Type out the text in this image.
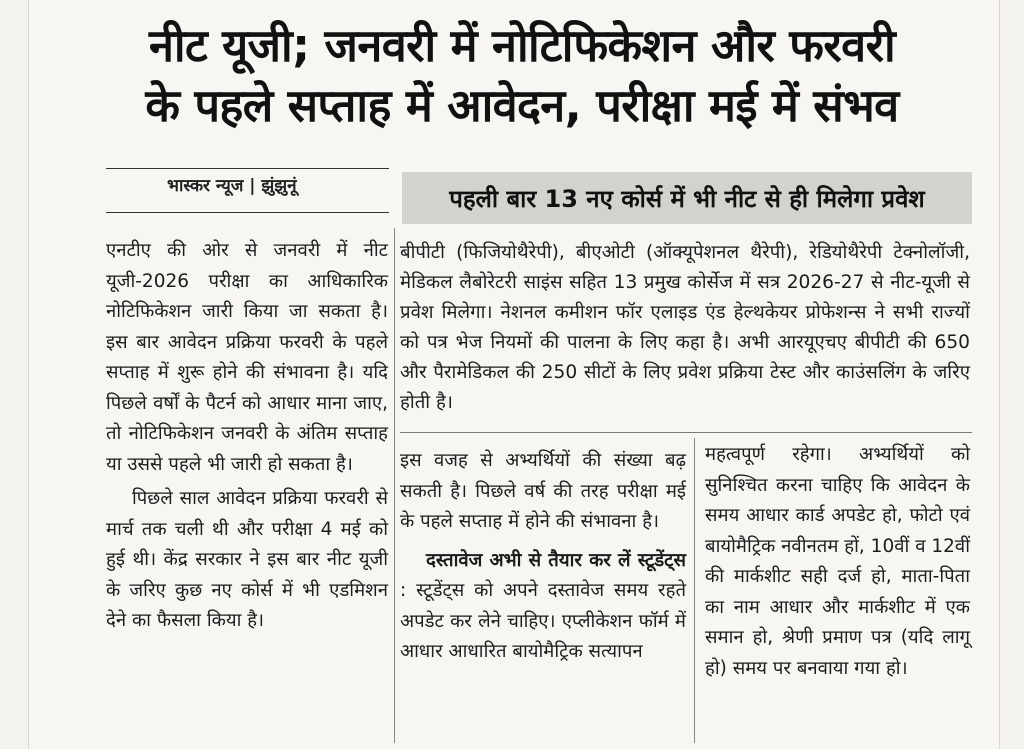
नीट यूजी; जनवरी में नोटिफिकेशन और फरवरी
के पहले सप्ताह में आवेदन, परीक्षा मई में संभव
भास्कर न्यूज | झुंझुनूं	पहली बार 13 नए कोर्स में भी नीट से ही मिलेगा प्रवेश

बीपीटी (फिजियोथैरेपी), बीएओटी (ऑक्यूपेशनल थैरेपी), रेडियोथैरेपी टेक्नोलॉजी, मेडिकल लैबोरेटरी साइंस सहित 13 प्रमुख कोर्सेज में सत्र 2026-27 से नीट-यूजी से प्रवेश मिलेगा। नेशनल कमीशन फॉर एलाइड एंड हेल्थकेयर प्रोफेशन्स ने सभी राज्यों को पत्र भेज नियमों की पालना के लिए कहा है। अभी आरयूएचए बीपीटी की 650 और पैरामेडिकल की 250 सीटों के लिए प्रवेश प्रक्रिया टेस्ट और काउंसलिंग के जरिए होती है।

एनटीए की ओर से जनवरी में नीट यूजी-2026 परीक्षा का आधिकारिक नोटिफिकेशन जारी किया जा सकता है। इस बार आवेदन प्रक्रिया फरवरी के पहले सप्ताह में शुरू होने की संभावना है। यदि पिछले वर्षों के पैटर्न को आधार माना जाए, तो नोटिफिकेशन जनवरी के अंतिम सप्ताह या उससे पहले भी जारी हो सकता है।

पिछले साल आवेदन प्रक्रिया फरवरी से मार्च तक चली थी और परीक्षा 4 मई को हुई थी। केंद्र सरकार ने इस बार नीट यूजी के जरिए कुछ नए कोर्स में भी एडमिशन देने का फैसला किया है।

इस वजह से अभ्यर्थियों की संख्या बढ़ सकती है। पिछले वर्ष की तरह परीक्षा मई के पहले सप्ताह में होने की संभावना है।

दस्तावेज अभी से तैयार कर लें स्टूडेंट्स : स्टूडेंट्स को अपने दस्तावेज समय रहते अपडेट कर लेने चाहिए। एप्लीकेशन फॉर्म में आधार आधारित बायोमैट्रिक सत्यापन

महत्वपूर्ण रहेगा। अभ्यर्थियों को सुनिश्चित करना चाहिए कि आवेदन के समय आधार कार्ड अपडेट हो, फोटो एवं बायोमैट्रिक नवीनतम हों, 10वीं व 12वीं की मार्कशीट सही दर्ज हो, माता-पिता का नाम आधार और मार्कशीट में एक समान हो, श्रेणी प्रमाण पत्र (यदि लागू हो) समय पर बनवाया गया हो।
